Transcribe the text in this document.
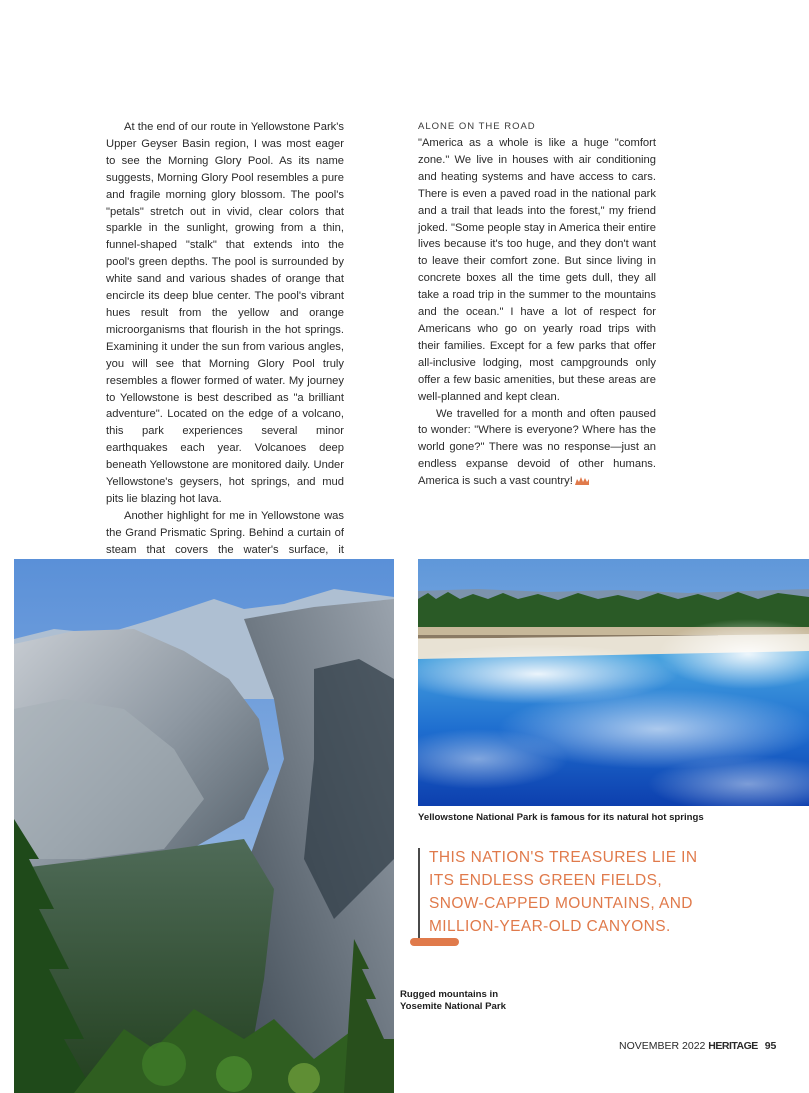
At the end of our route in Yellowstone Park's Upper Geyser Basin region, I was most eager to see the Morning Glory Pool. As its name suggests, Morning Glory Pool resembles a pure and fragile morning glory blossom. The pool's "petals" stretch out in vivid, clear colors that sparkle in the sunlight, growing from a thin, funnel-shaped "stalk" that extends into the pool's green depths. The pool is surrounded by white sand and various shades of orange that encircle its deep blue center. The pool's vibrant hues result from the yellow and orange microorganisms that flourish in the hot springs. Examining it under the sun from various angles, you will see that Morning Glory Pool truly resembles a flower formed of water. My journey to Yellowstone is best described as "a brilliant adventure". Located on the edge of a volcano, this park experiences several minor earthquakes each year. Volcanoes deep beneath Yellowstone are monitored daily. Under Yellowstone's geysers, hot springs, and mud pits lie blazing hot lava.

Another highlight for me in Yellowstone was the Grand Prismatic Spring. Behind a curtain of steam that covers the water's surface, it

ALONE ON THE ROAD

"America as a whole is like a huge "comfort zone." We live in houses with air conditioning and heating systems and have access to cars. There is even a paved road in the national park and a trail that leads into the forest," my friend joked. "Some people stay in America their entire lives because it's too huge, and they don't want to leave their comfort zone. But since living in concrete boxes all the time gets dull, they all take a road trip in the summer to the mountains and the ocean." I have a lot of respect for Americans who go on yearly road trips with their families. Except for a few parks that offer all-inclusive lodging, most campgrounds only offer a few basic amenities, but these areas are well-planned and kept clean.

We travelled for a month and often paused to wonder: "Where is everyone? Where has the world gone?" There was no response—just an endless expanse devoid of other humans. America is such a vast country!

Yellowstone National Park is famous for its natural hot springs
Rugged mountains in
Yosemite National Park
THIS NATION'S TREASURES LIE IN
ITS ENDLESS GREEN FIELDS,
SNOW-CAPPED MOUNTAINS, AND
MILLION-YEAR-OLD CANYONS.
NOVEMBER 2022 HERITAGE 95
